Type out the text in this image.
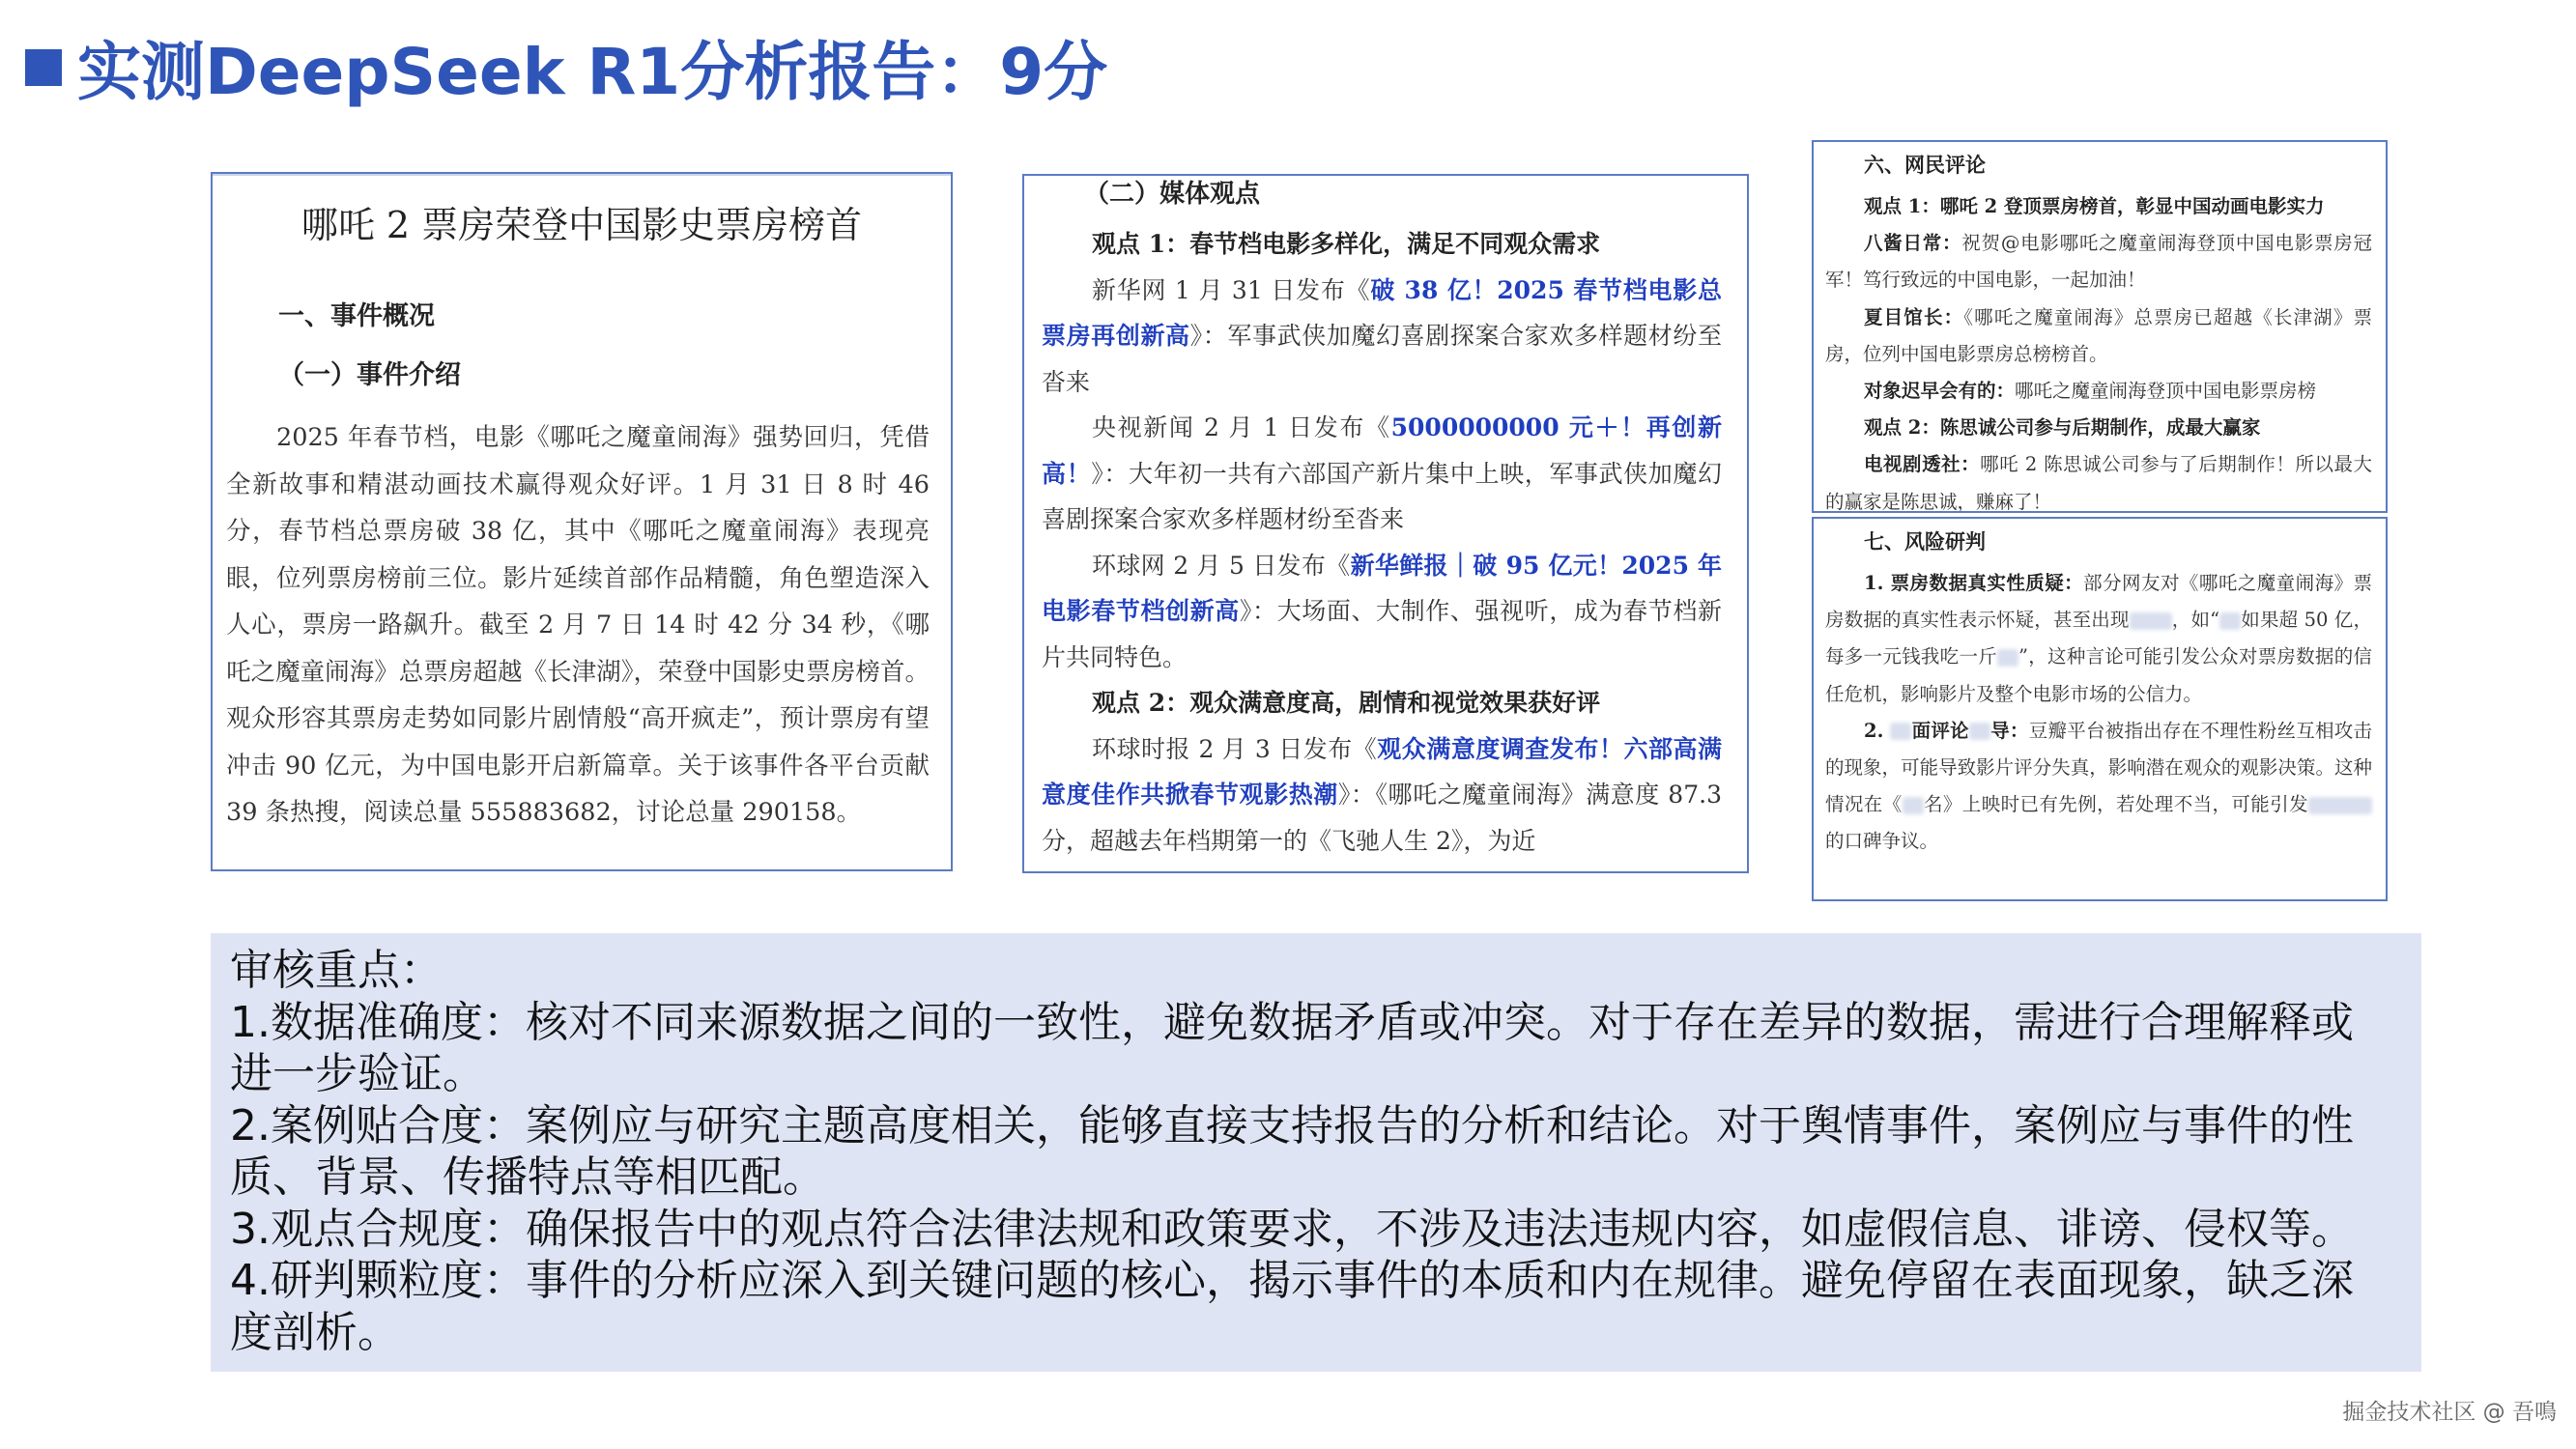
实测DeepSeek R1分析报告：9分
哪吒 2 票房荣登中国影史票房榜首
一、事件概况
（一）事件介绍
2025 年春节档，电影《哪吒之魔童闹海》强势回归，凭借全新故事和精湛动画技术赢得观众好评。1 月 31 日 8 时 46 分，春节档总票房破 38 亿，其中《哪吒之魔童闹海》表现亮眼，位列票房榜前三位。影片延续首部作品精髓，角色塑造深入人心，票房一路飙升。截至 2 月 7 日 14 时 42 分 34 秒，《哪吒之魔童闹海》总票房超越《长津湖》，荣登中国影史票房榜首。观众形容其票房走势如同影片剧情般“高开疯走”，预计票房有望冲击 90 亿元，为中国电影开启新篇章。关于该事件各平台贡献 39 条热搜，阅读总量 555883682，讨论总量 290158。
（二）媒体观点
观点 1：春节档电影多样化，满足不同观众需求
新华网 1 月 31 日发布《破 38 亿！2025 春节档电影总票房再创新高》：军事武侠加魔幻喜剧探案合家欢多样题材纷至沓来
央视新闻 2 月 1 日发布《5000000000 元＋！再创新高！》：大年初一共有六部国产新片集中上映，军事武侠加魔幻喜剧探案合家欢多样题材纷至沓来
环球网 2 月 5 日发布《新华鲜报｜破 95 亿元！2025 年电影春节档创新高》：大场面、大制作、强视听，成为春节档新片共同特色。
观点 2：观众满意度高，剧情和视觉效果获好评
环球时报 2 月 3 日发布《观众满意度调查发布！六部高满意度佳作共掀春节观影热潮》：《哪吒之魔童闹海》满意度 87.3 分，超越去年档期第一的《飞驰人生 2》，为近
六、网民评论
观点 1：哪吒 2 登顶票房榜首，彰显中国动画电影实力
八酱日常：祝贺@电影哪吒之魔童闹海登顶中国电影票房冠军！笃行致远的中国电影，一起加油！
夏目馆长：《哪吒之魔童闹海》总票房已超越《长津湖》票房，位列中国电影票房总榜榜首。
对象迟早会有的：哪吒之魔童闹海登顶中国电影票房榜
观点 2：陈思诚公司参与后期制作，成最大赢家
电视剧透社：哪吒 2 陈思诚公司参与了后期制作！所以最大的赢家是陈思诚，赚麻了！
七、风险研判
1. 票房数据真实性质疑：部分网友对《哪吒之魔童闹海》票房数据的真实性表示怀疑，甚至出现 ，如“ 如果超 50 亿，每多一元钱我吃一斤 ”，这种言论可能引发公众对票房数据的信任危机，影响影片及整个电影市场的公信力。
2. 面评论 导：豆瓣平台被指出存在不理性粉丝互相攻击的现象，可能导致影片评分失真，影响潜在观众的观影决策。这种情况在《 名》上映时已有先例，若处理不当，可能引发的口碑争议。
审核重点：
1.数据准确度：核对不同来源数据之间的一致性，避免数据矛盾或冲突。对于存在差异的数据，需进行合理解释或
进一步验证。
2.案例贴合度：案例应与研究主题高度相关，能够直接支持报告的分析和结论。对于舆情事件，案例应与事件的性
质、背景、传播特点等相匹配。
3.观点合规度：确保报告中的观点符合法律法规和政策要求，不涉及违法违规内容，如虚假信息、诽谤、侵权等。
4.研判颗粒度：事件的分析应深入到关键问题的核心，揭示事件的本质和内在规律。避免停留在表面现象，缺乏深
度剖析。
掘金技术社区 @ 吾鳴
